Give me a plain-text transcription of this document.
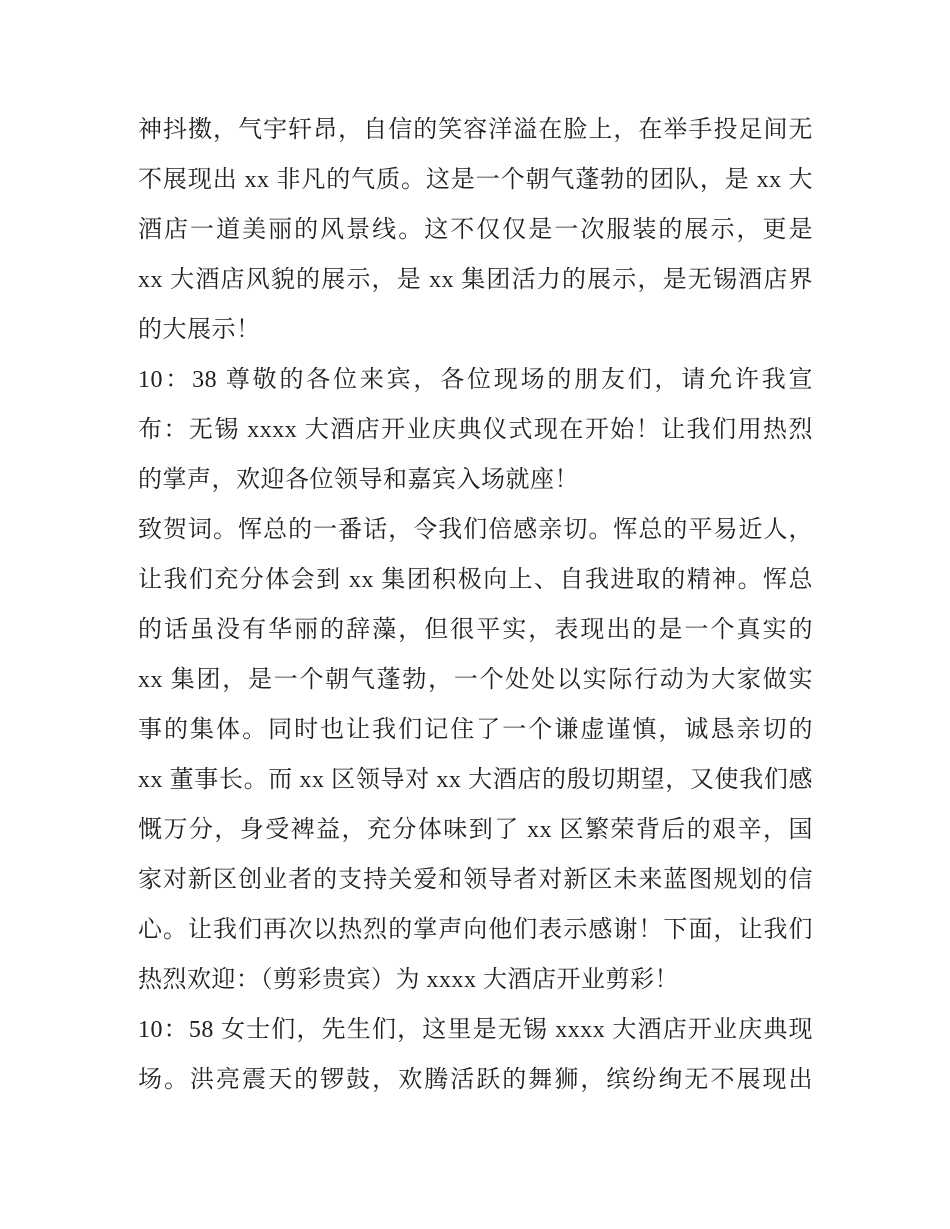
神抖擞，气宇轩昂，自信的笑容洋溢在脸上，在举手投足间无
不展现出 xx 非凡的气质。这是一个朝气蓬勃的团队，是 xx 大
酒店一道美丽的风景线。这不仅仅是一次服装的展示，更是
xx 大酒店风貌的展示，是 xx 集团活力的展示，是无锡酒店界
的大展示！
10：38 尊敬的各位来宾，各位现场的朋友们，请允许我宣
布：无锡 xxxx 大酒店开业庆典仪式现在开始！让我们用热烈
的掌声，欢迎各位领导和嘉宾入场就座！
致贺词。恽总的一番话，令我们倍感亲切。恽总的平易近人，
让我们充分体会到 xx 集团积极向上、自我进取的精神。恽总
的话虽没有华丽的辞藻，但很平实，表现出的是一个真实的
xx 集团，是一个朝气蓬勃，一个处处以实际行动为大家做实
事的集体。同时也让我们记住了一个谦虚谨慎，诚恳亲切的
xx 董事长。而 xx 区领导对 xx 大酒店的殷切期望，又使我们感
慨万分，身受裨益，充分体味到了 xx 区繁荣背后的艰辛，国
家对新区创业者的支持关爱和领导者对新区未来蓝图规划的信
心。让我们再次以热烈的掌声向他们表示感谢！下面，让我们
热烈欢迎：（剪彩贵宾）为 xxxx 大酒店开业剪彩！
10：58 女士们，先生们，这里是无锡 xxxx 大酒店开业庆典现
场。洪亮震天的锣鼓，欢腾活跃的舞狮，缤纷绚无不展现出
